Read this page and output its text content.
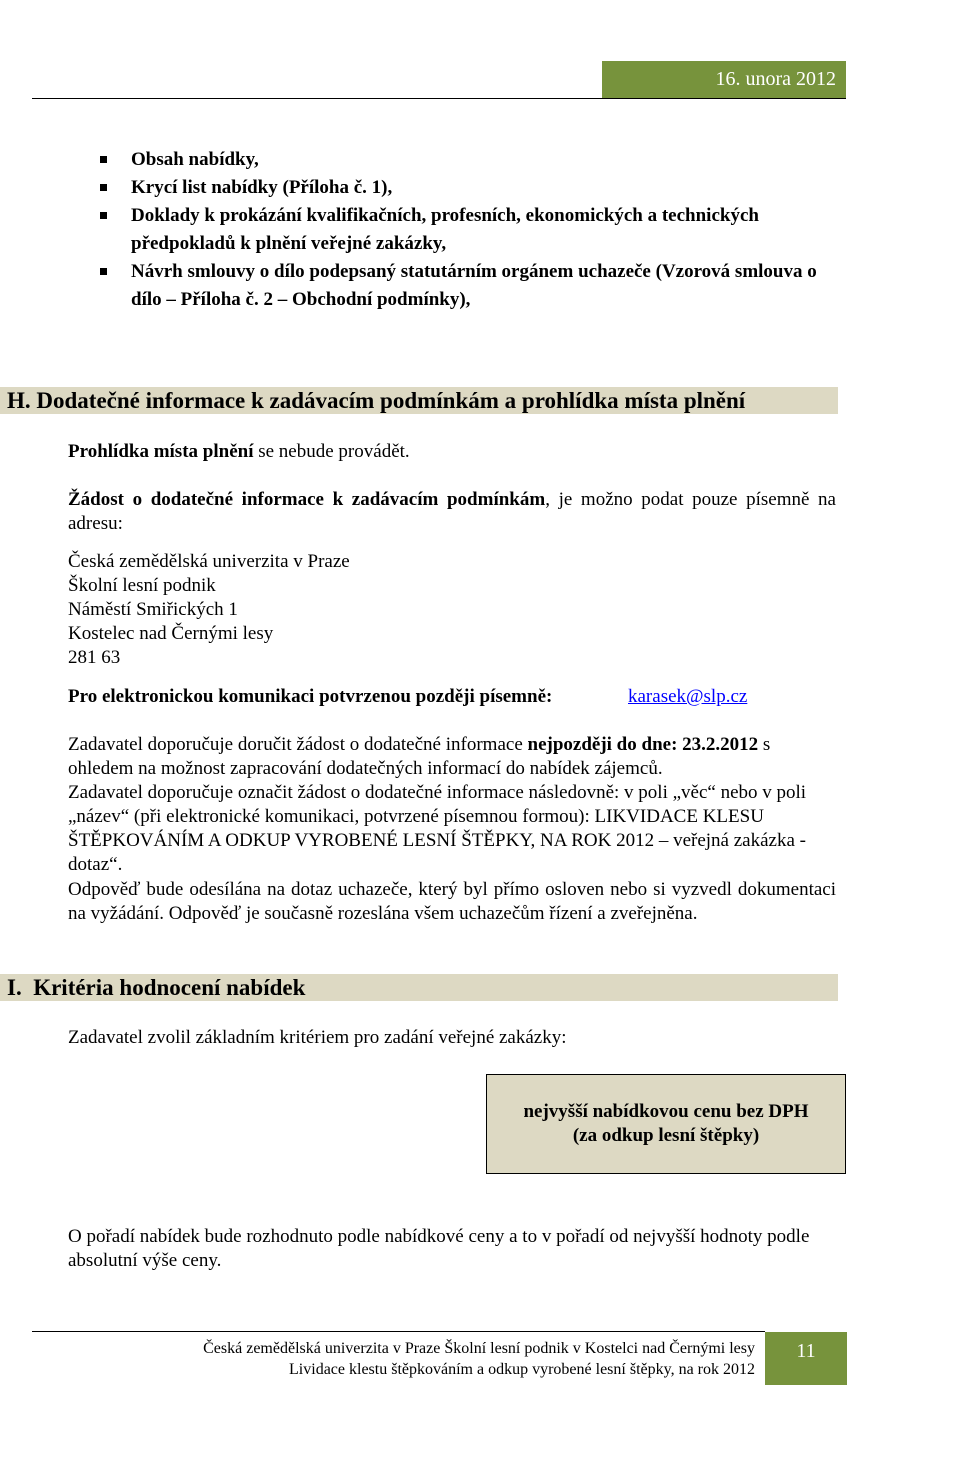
16. unora 2012
Obsah nabídky,
Krycí list nabídky (Příloha č. 1),
Doklady k prokázání kvalifikačních, profesních, ekonomických a technických předpokladů k plnění veřejné zakázky,
Návrh smlouvy o dílo podepsaný statutárním orgánem uchazeče (Vzorová smlouva o dílo – Příloha č. 2 – Obchodní podmínky),
H. Dodatečné informace k zadávacím podmínkám a prohlídka místa plnění
Prohlídka místa plnění se nebude provádět.
Žádost o dodatečné informace k zadávacím podmínkám, je možno podat pouze písemně na adresu:
Česká zemědělská univerzita v Praze
Školní lesní podnik
Náměstí Smiřických 1
Kostelec nad Černými lesy
281 63
Pro elektronickou komunikaci potvrzenou později písemně:	karasek@slp.cz
Zadavatel doporučuje doručit žádost o dodatečné informace nejpozději do dne: 23.2.2012 s ohledem na možnost zapracování dodatečných informací do nabídek zájemců.
Zadavatel doporučuje označit žádost o dodatečné informace následovně: v poli „věc“ nebo v poli „název“ (při elektronické komunikaci, potvrzené písemnou formou): LIKVIDACE KLESU ŠTĚPKOVÁNÍM A ODKUP VYROBENÉ LESNÍ ŠTĚPKY, NA ROK 2012 – veřejná zakázka - dotaz“.
Odpověď bude odesílána na dotaz uchazeče, který byl přímo osloven nebo si vyzvedl dokumentaci na vyžádání. Odpověď je současně rozeslána všem uchazečům řízení a zveřejněna.
I.  Kritéria hodnocení nabídek
Zadavatel zvolil základním kritériem pro zadání veřejné zakázky:
nejvyšší nabídkovou cenu bez DPH
(za odkup lesní štěpky)
O pořadí nabídek bude rozhodnuto podle nabídkové ceny a to v pořadí od nejvyšší hodnoty podle absolutní výše ceny.
Česká zemědělská univerzita v Praze Školní lesní podnik v Kostelci nad Černými lesy
Lividace klestu štěpkováním a odkup vyrobené lesní štěpky, na rok 2012
11
